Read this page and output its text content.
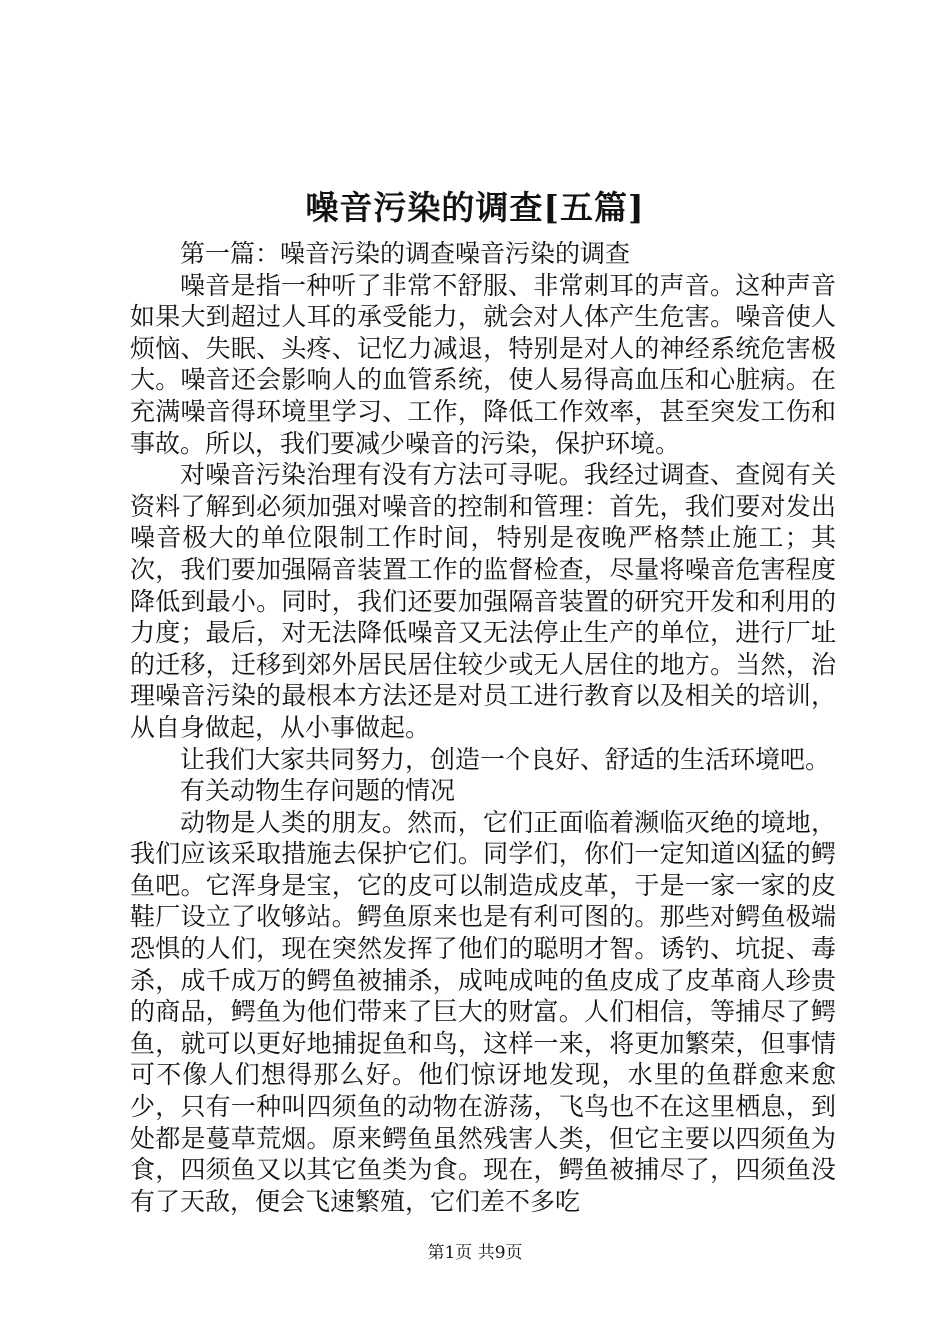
噪音污染的调查[五篇]

第一篇：噪音污染的调查噪音污染的调查

噪音是指一种听了非常不舒服、非常刺耳的声音。这种声音如果大到超过人耳的承受能力，就会对人体产生危害。噪音使人烦恼、失眠、头疼、记忆力减退，特别是对人的神经系统危害极大。噪音还会影响人的血管系统，使人易得高血压和心脏病。在充满噪音得环境里学习、工作，降低工作效率，甚至突发工伤和事故。所以，我们要减少噪音的污染，保护环境。

对噪音污染治理有没有方法可寻呢。我经过调查、查阅有关资料了解到必须加强对噪音的控制和管理：首先，我们要对发出噪音极大的单位限制工作时间，特别是夜晚严格禁止施工；其次，我们要加强隔音装置工作的监督检查，尽量将噪音危害程度降低到最小。同时，我们还要加强隔音装置的研究开发和利用的力度；最后，对无法降低噪音又无法停止生产的单位，进行厂址的迁移，迁移到郊外居民居住较少或无人居住的地方。当然，治理噪音污染的最根本方法还是对员工进行教育以及相关的培训，从自身做起，从小事做起。

让我们大家共同努力，创造一个良好、舒适的生活环境吧。

有关动物生存问题的情况

动物是人类的朋友。然而，它们正面临着濒临灭绝的境地，我们应该采取措施去保护它们。同学们，你们一定知道凶猛的鳄鱼吧。它浑身是宝，它的皮可以制造成皮革，于是一家一家的皮鞋厂设立了收够站。鳄鱼原来也是有利可图的。那些对鳄鱼极端恐惧的人们，现在突然发挥了他们的聪明才智。诱钓、坑捉、毒杀，成千成万的鳄鱼被捕杀，成吨成吨的鱼皮成了皮革商人珍贵的商品，鳄鱼为他们带来了巨大的财富。人们相信，等捕尽了鳄鱼，就可以更好地捕捉鱼和鸟，这样一来，将更加繁荣，但事情可不像人们想得那么好。他们惊讶地发现，水里的鱼群愈来愈少，只有一种叫四须鱼的动物在游荡，飞鸟也不在这里栖息，到处都是蔓草荒烟。原来鳄鱼虽然残害人类，但它主要以四须鱼为食，四须鱼又以其它鱼类为食。现在，鳄鱼被捕尽了，四须鱼没有了天敌，便会飞速繁殖，它们差不多吃

第1页 共9页
